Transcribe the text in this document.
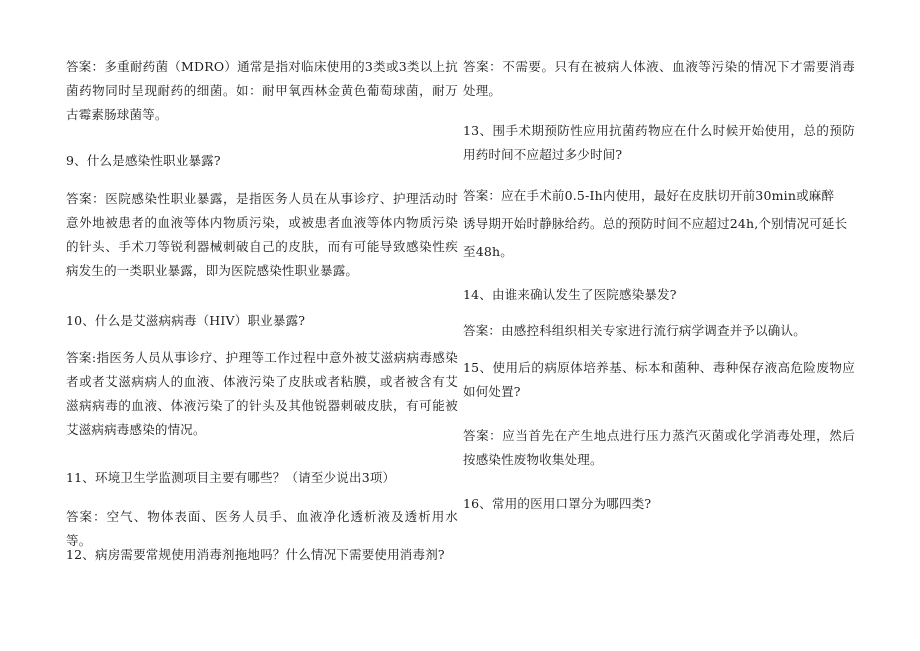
答案：多重耐药菌（MDRO）通常是指对临床使用的3类或3类以上抗菌药物同时呈现耐药的细菌。如：耐甲氧西林金黄色葡萄球菌，耐万古霉素肠球菌等。

9、什么是感染性职业暴露?

答案：医院感染性职业暴露，是指医务人员在从事诊疗、护理活动时意外地被患者的血液等体内物质污染，或被患者血液等体内物质污染的针头、手术刀等锐利器械刺破自己的皮肤，而有可能导致感染性疾病发生的一类职业暴露，即为医院感染性职业暴露。

10、什么是艾滋病病毒（HIV）职业暴露?

答案:指医务人员从事诊疗、护理等工作过程中意外被艾滋病病毒感染者或者艾滋病病人的血液、体液污染了皮肤或者粘膜，或者被含有艾滋病病毒的血液、体液污染了的针头及其他锐器刺破皮肤，有可能被艾滋病病毒感染的情况。

11、环境卫生学监测项目主要有哪些？（请至少说出3项）

答案：空气、物体表面、医务人员手、血液净化透析液及透析用水等。

12、病房需要常规使用消毒剂拖地吗？什么情况下需要使用消毒剂?

答案：不需要。只有在被病人体液、血液等污染的情况下才需要消毒处理。

13、围手术期预防性应用抗菌药物应在什么时候开始使用，总的预防用药时间不应超过多少时间?

答案：应在手术前0.5-Ih内使用，最好在皮肤切开前30min或麻醉

诱导期开始时静脉给药。总的预防时间不应超过24h,个别情况可延长

至48h。

14、由谁来确认发生了医院感染暴发?

答案：由感控科组织相关专家进行流行病学调查并予以确认。

15、使用后的病原体培养基、标本和菌种、毒种保存液高危险废物应如何处置?

答案：应当首先在产生地点进行压力蒸汽灭菌或化学消毒处理，然后按感染性废物收集处理。

16、常用的医用口罩分为哪四类?
